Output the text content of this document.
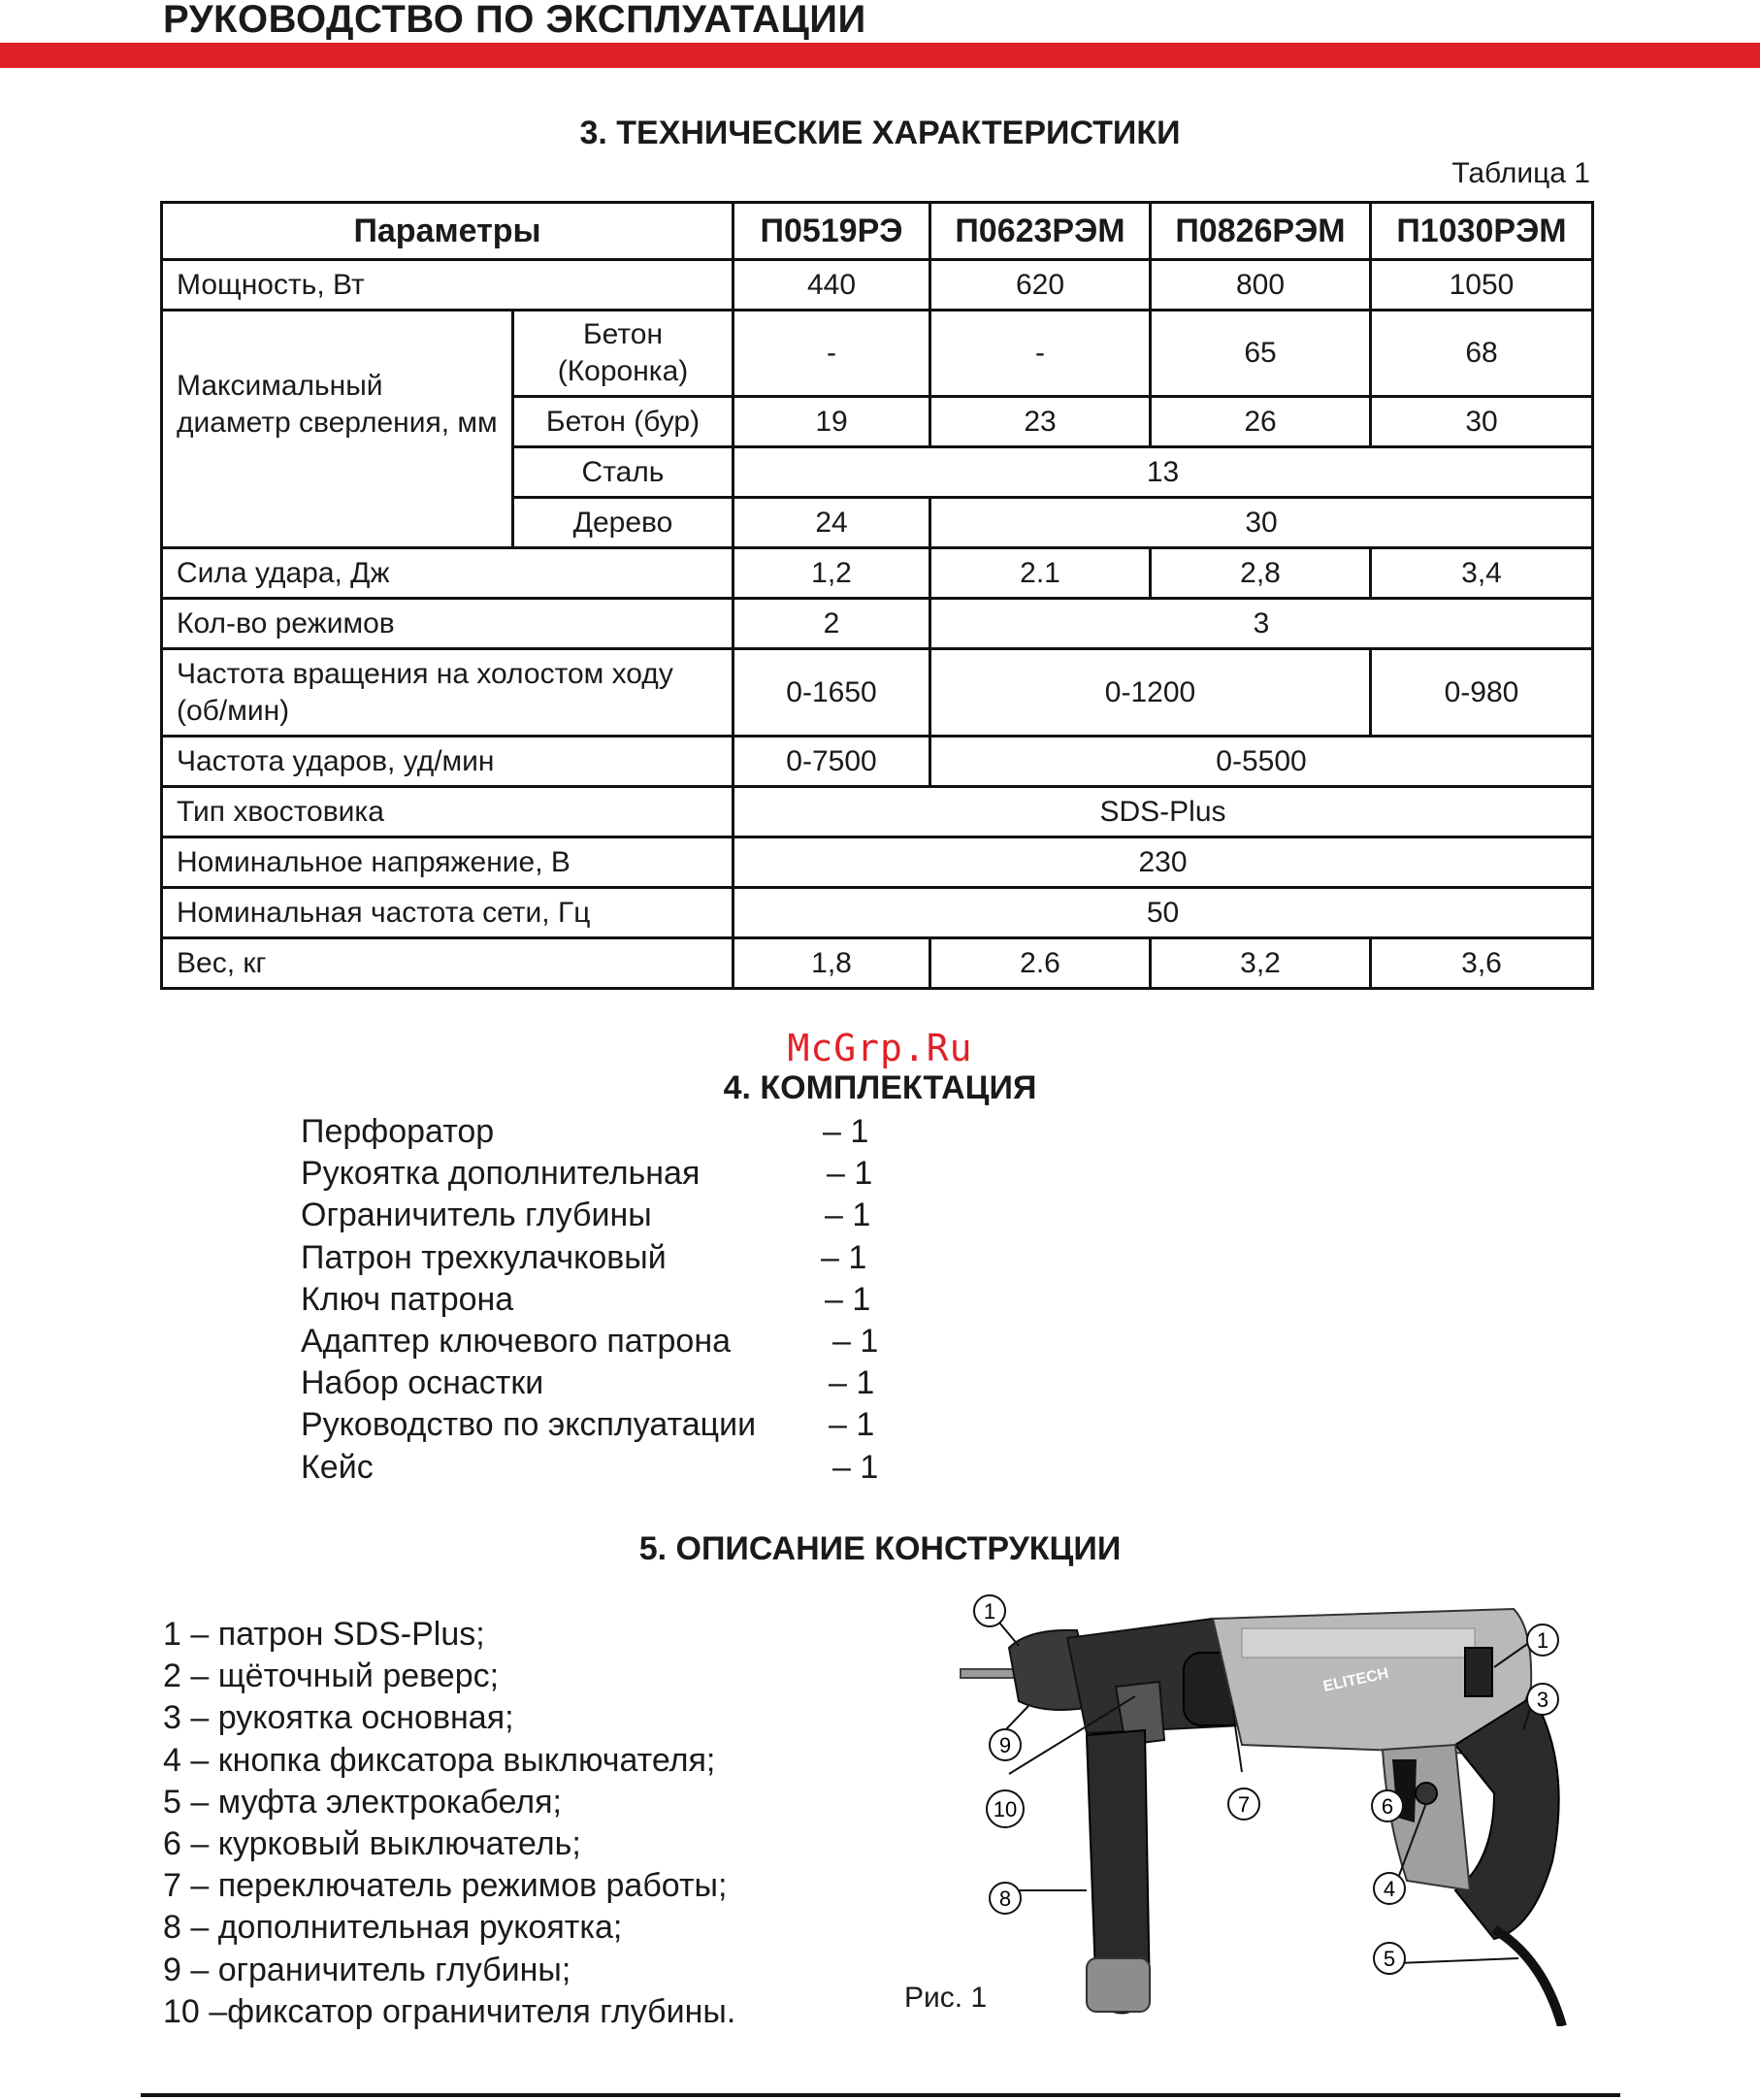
РУКОВОДСТВО ПО ЭКСПЛУАТАЦИИ
3. ТЕХНИЧЕСКИЕ ХАРАКТЕРИСТИКИ
Таблица 1
Параметры		П0519РЭ	П0623РЭМ	П0826РЭМ	П1030РЭМ
Мощность, Вт		440	620	800	1050
Максимальный диаметр сверления, мм	Бетон (Коронка)	-	-	65	68
	Бетон (бур)	19	23	26	30
	Сталь	13			
	Дерево	24	30		
Сила удара, Дж		1,2	2.1	2,8	3,4
Кол-во режимов		2	3		
Частота вращения на холостом ходу (об/мин)		0-1650	0-1200		0-980
Частота ударов, уд/мин		0-7500	0-5500		
Тип хвостовика		SDS-Plus			
Номинальное напряжение, В		230			
Номинальная частота сети, Гц		50			
Вес, кг		1,8	2.6	3,2	3,6
McGrp.Ru
4. КОМПЛЕКТАЦИЯ
Перфоратор	– 1
Рукоятка дополнительная	– 1
Ограничитель глубины	– 1
Патрон трехкулачковый	– 1
Ключ патрона	– 1
Адаптер ключевого патрона	– 1
Набор оснастки	– 1
Руководство по эксплуатации – 1
Кейс	– 1
5. ОПИСАНИЕ КОНСТРУКЦИИ
1 – патрон SDS-Plus;
2 – щёточный реверс;
3 – рукоятка основная;
4 – кнопка фиксатора выключателя;
5 – муфта электрокабеля;
6 – курковый выключатель;
7 – переключатель режимов работы;
8 – дополнительная рукоятка;
9 – ограничитель глубины;
10 –фиксатор ограничителя глубины.
ELITECH
1
1
3
9
10	7	6
4
8
5
Рис. 1
